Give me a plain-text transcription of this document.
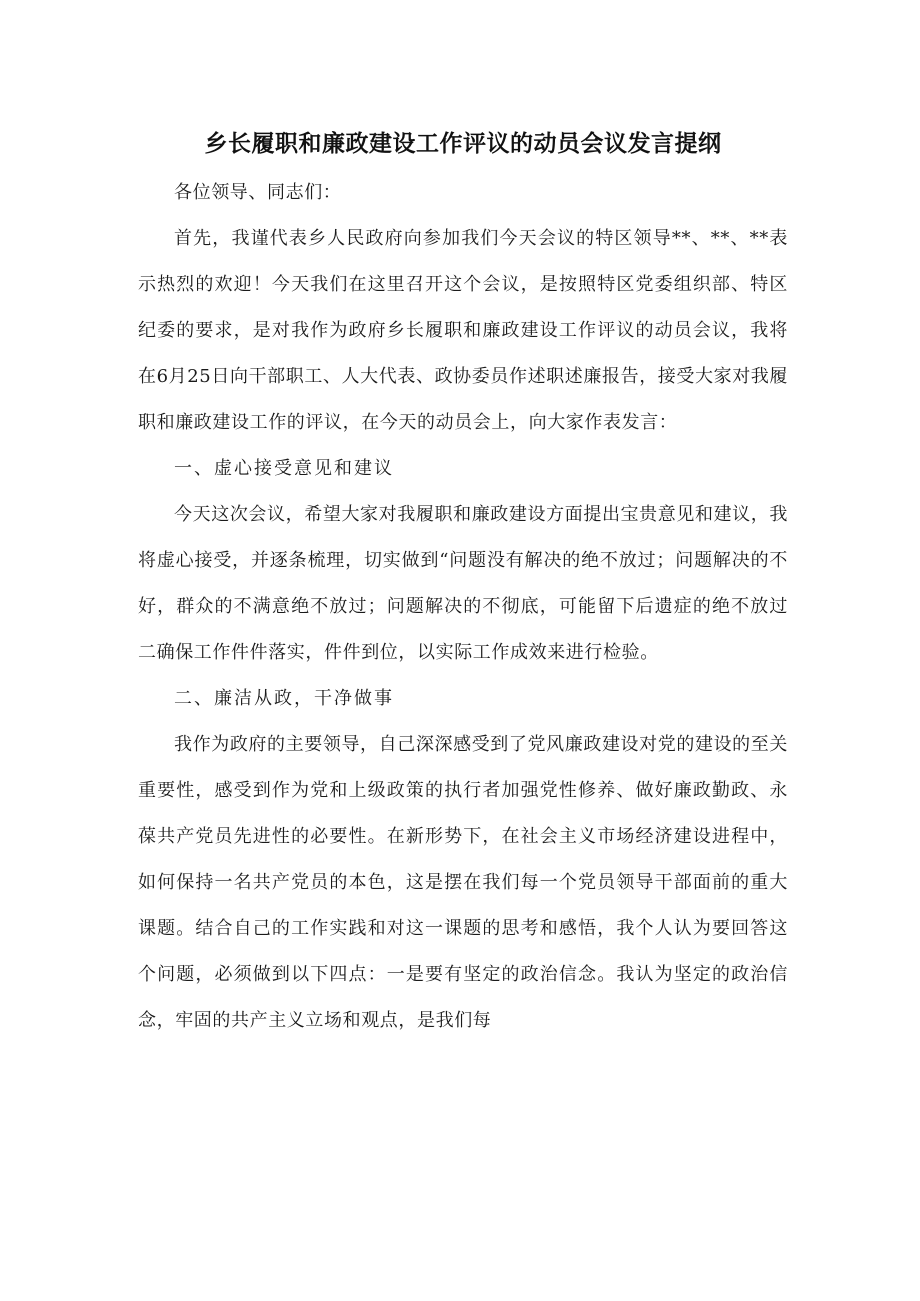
乡长履职和廉政建设工作评议的动员会议发言提纲

各位领导、同志们：

首先，我谨代表乡人民政府向参加我们今天会议的特区领导**、**、**表示热烈的欢迎！今天我们在这里召开这个会议，是按照特区党委组织部、特区纪委的要求，是对我作为政府乡长履职和廉政建设工作评议的动员会议，我将在6月25日向干部职工、人大代表、政协委员作述职述廉报告，接受大家对我履职和廉政建设工作的评议，在今天的动员会上，向大家作表发言：

一、虚心接受意见和建议

今天这次会议，希望大家对我履职和廉政建设方面提出宝贵意见和建议，我将虚心接受，并逐条梳理，切实做到“问题没有解决的绝不放过；问题解决的不好，群众的不满意绝不放过；问题解决的不彻底，可能留下后遗症的绝不放过二确保工作件件落实，件件到位，以实际工作成效来进行检验。

二、廉洁从政，干净做事

我作为政府的主要领导，自己深深感受到了党风廉政建设对党的建设的至关重要性，感受到作为党和上级政策的执行者加强党性修养、做好廉政勤政、永葆共产党员先进性的必要性。在新形势下，在社会主义市场经济建设进程中，如何保持一名共产党员的本色，这是摆在我们每一个党员领导干部面前的重大课题。结合自己的工作实践和对这一课题的思考和感悟，我个人认为要回答这个问题，必须做到以下四点：一是要有坚定的政治信念。我认为坚定的政治信念，牢固的共产主义立场和观点，是我们每
